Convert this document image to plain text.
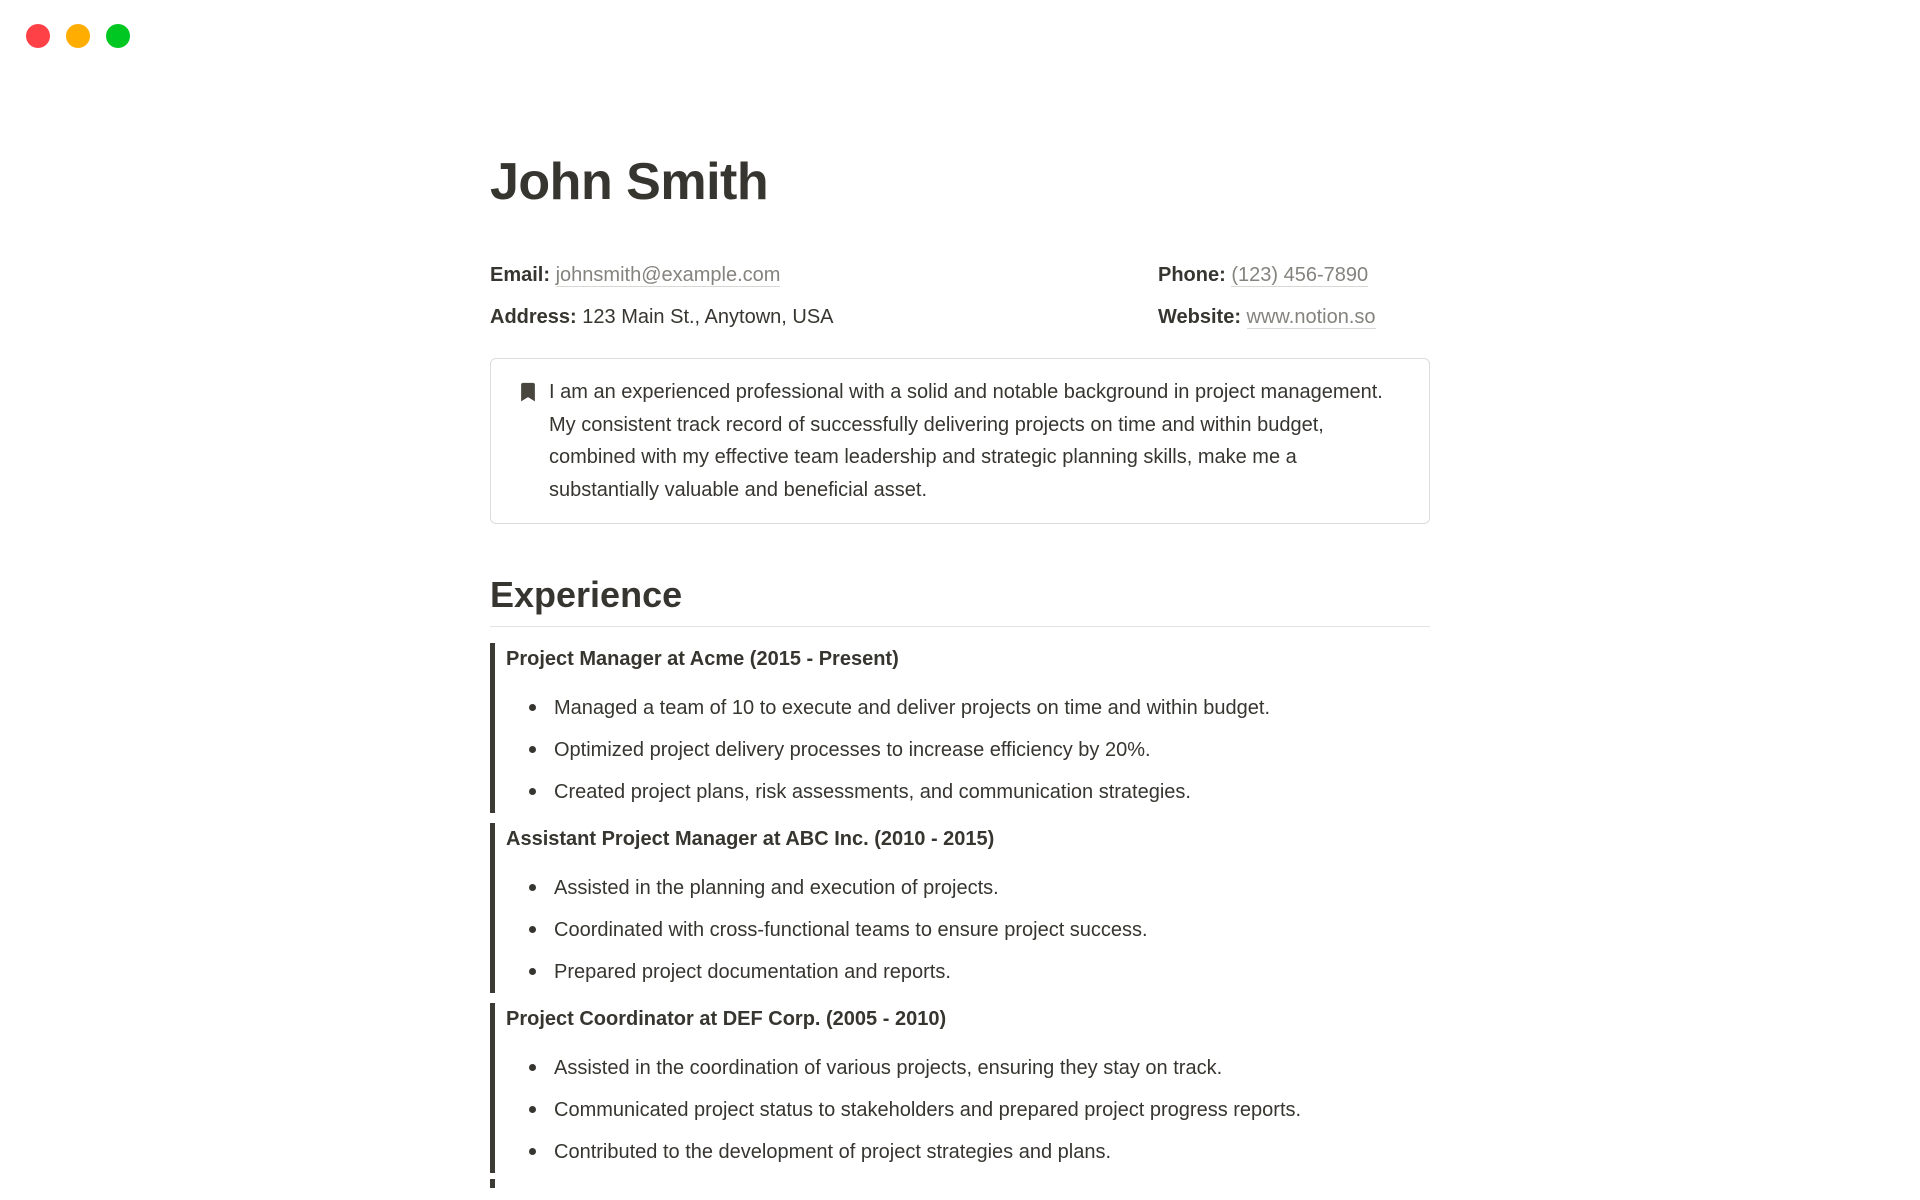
John Smith
Email: johnsmith@example.com
Address: 123 Main St., Anytown, USA
Phone: (123) 456-7890
Website: www.notion.so
I am an experienced professional with a solid and notable background in project management. My consistent track record of successfully delivering projects on time and within budget, combined with my effective team leadership and strategic planning skills, make me a substantially valuable and beneficial asset.
Experience
Project Manager at Acme (2015 - Present)
Managed a team of 10 to execute and deliver projects on time and within budget.
Optimized project delivery processes to increase efficiency by 20%.
Created project plans, risk assessments, and communication strategies.
Assistant Project Manager at ABC Inc. (2010 - 2015)
Assisted in the planning and execution of projects.
Coordinated with cross-functional teams to ensure project success.
Prepared project documentation and reports.
Project Coordinator at DEF Corp. (2005 - 2010)
Assisted in the coordination of various projects, ensuring they stay on track.
Communicated project status to stakeholders and prepared project progress reports.
Contributed to the development of project strategies and plans.
